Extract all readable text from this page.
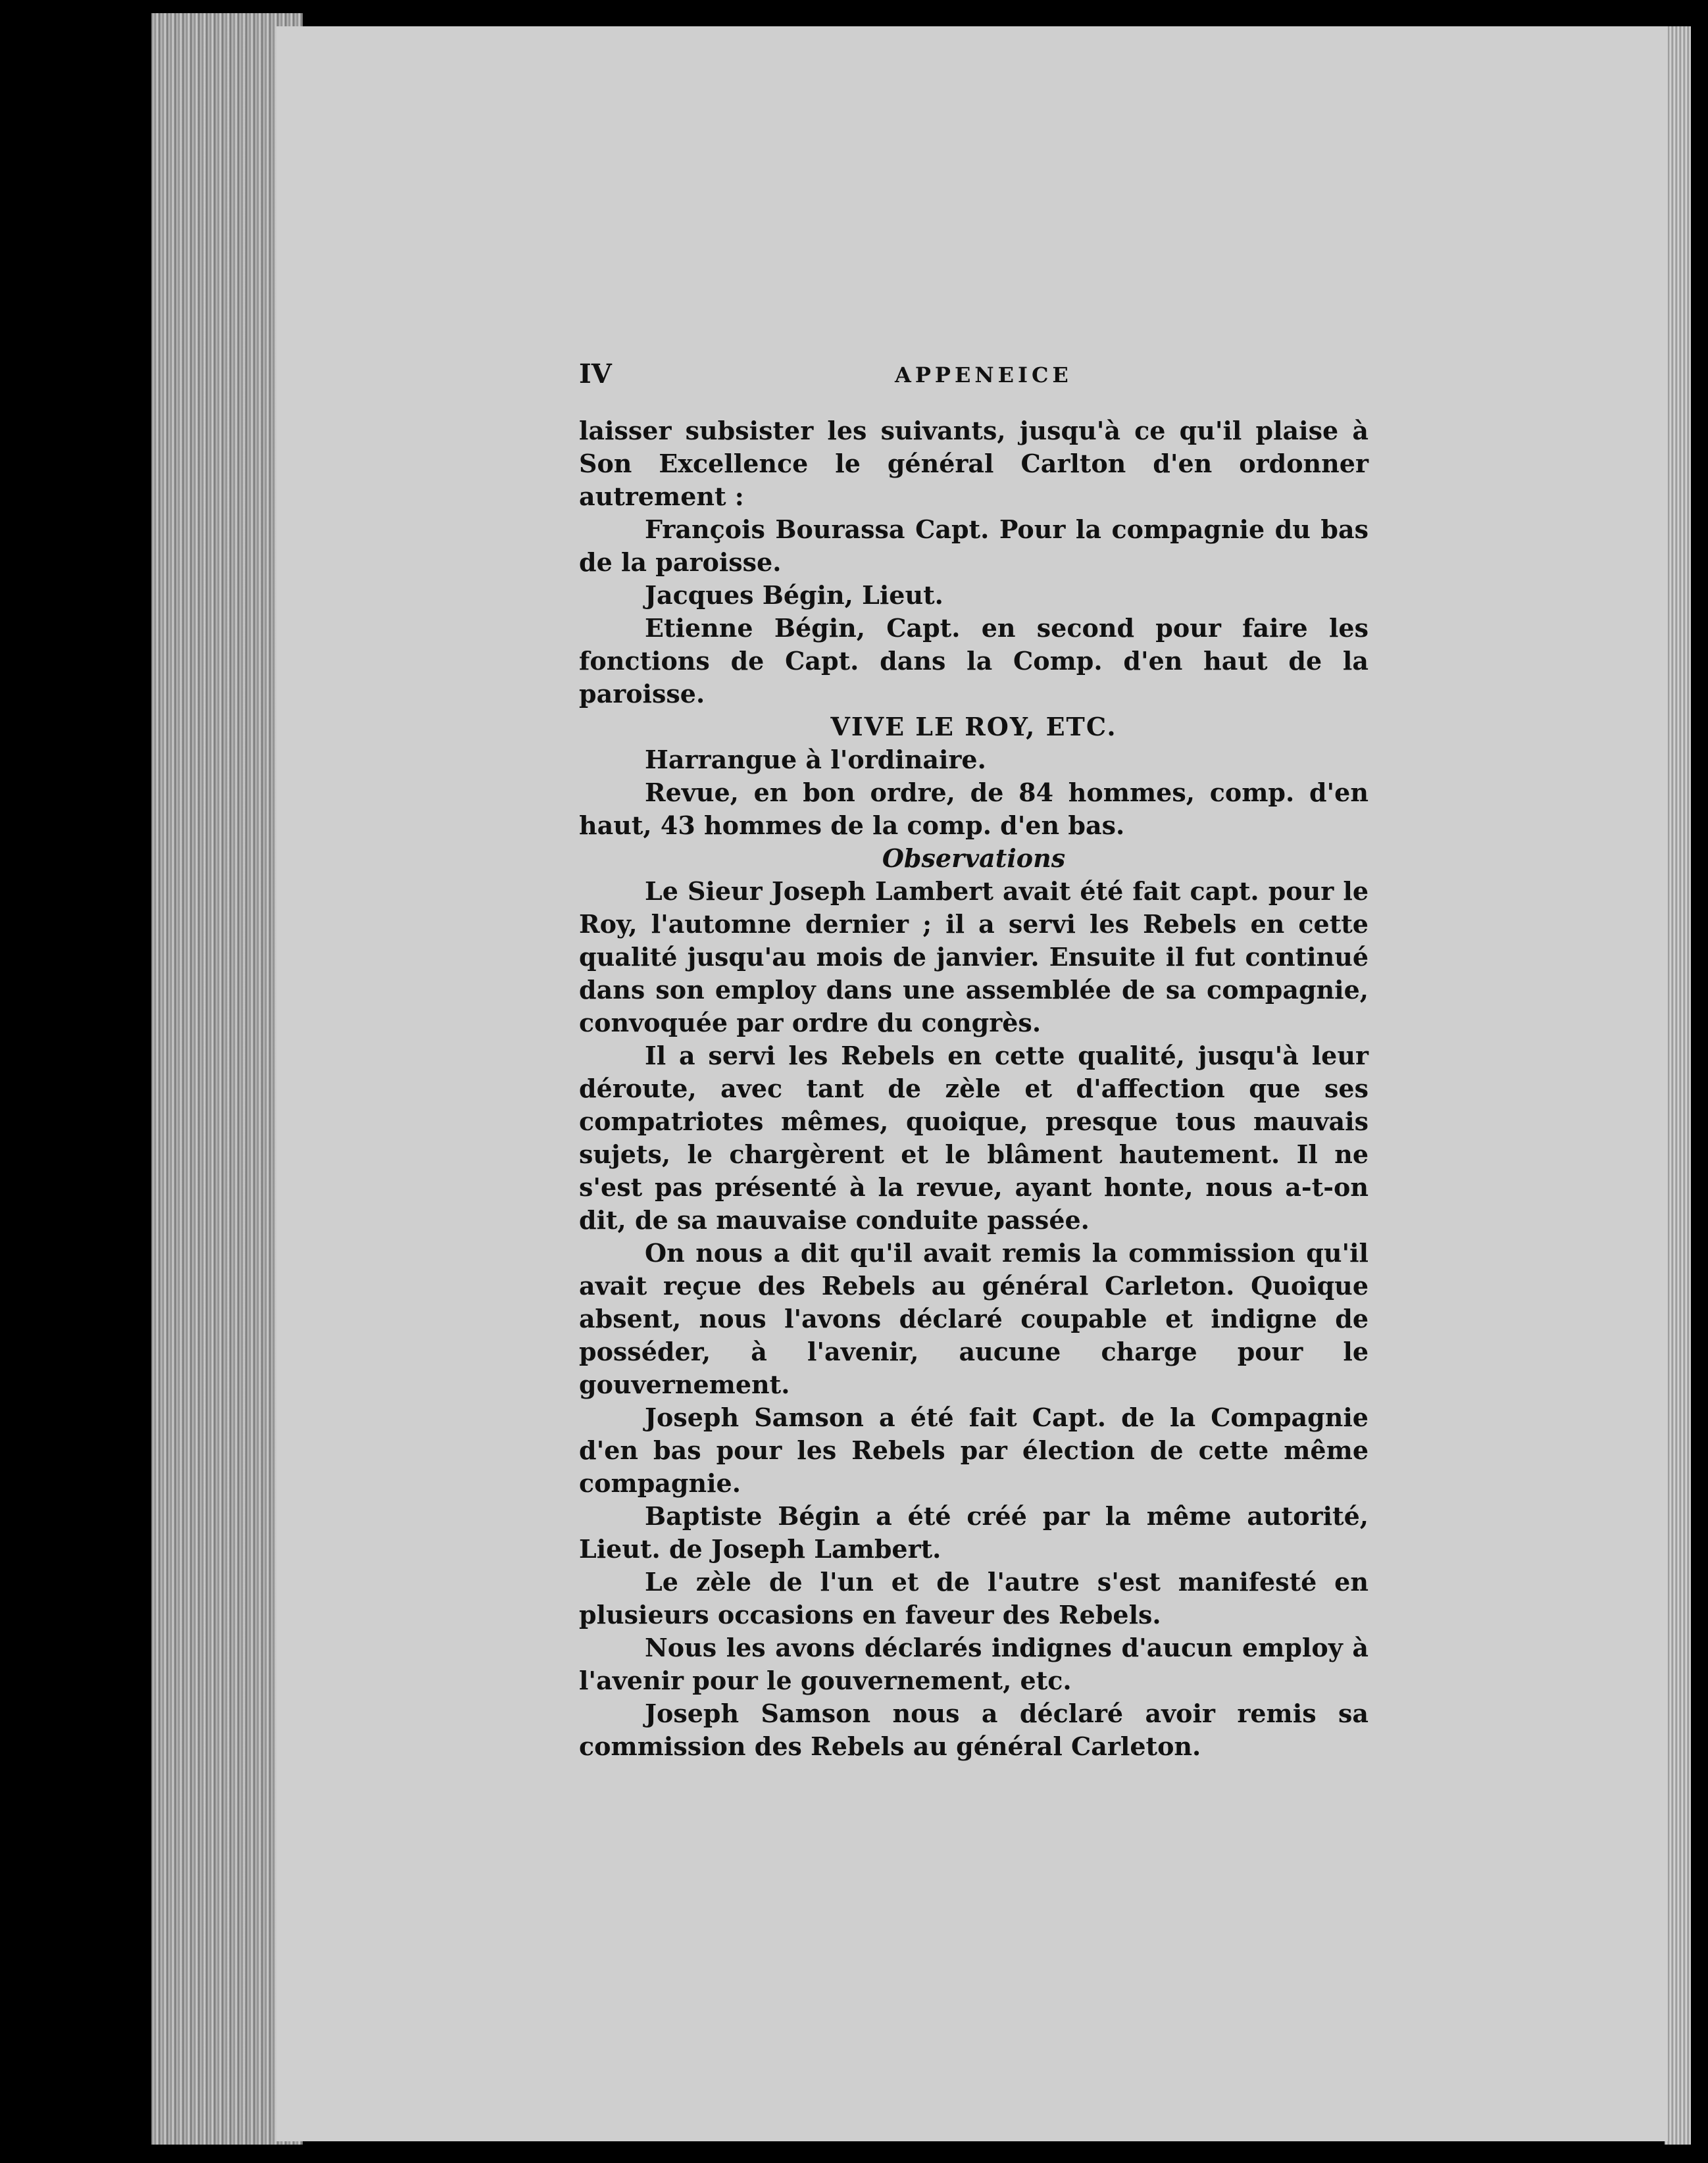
IV	APPENEICE

laisser subsister les suivants, jusqu'à ce qu'il plaise à Son Excellence le général Carlton d'en ordonner autrement :

François Bourassa Capt. Pour la compagnie du bas de la paroisse.

Jacques Bégin, Lieut.

Etienne Bégin, Capt. en second pour faire les fonctions de Capt. dans la Comp. d'en haut de la paroisse.

VIVE LE ROY, ETC.

Harrangue à l'ordinaire.

Revue, en bon ordre, de 84 hommes, comp. d'en haut, 43 hommes de la comp. d'en bas.

Observations

Le Sieur Joseph Lambert avait été fait capt. pour le Roy, l'automne dernier ; il a servi les Rebels en cette qualité jusqu'au mois de janvier. Ensuite il fut continué dans son employ dans une assemblée de sa compagnie, convoquée par ordre du congrès.

Il a servi les Rebels en cette qualité, jusqu'à leur déroute, avec tant de zèle et d'affection que ses compatriotes mêmes, quoique, presque tous mauvais sujets, le chargèrent et le blâment hautement. Il ne s'est pas présenté à la revue, ayant honte, nous a-t-on dit, de sa mauvaise conduite passée.

On nous a dit qu'il avait remis la commission qu'il avait reçue des Rebels au général Carleton. Quoique absent, nous l'avons déclaré coupable et indigne de posséder, à l'avenir, aucune charge pour le gouvernement.

Joseph Samson a été fait Capt. de la Compagnie d'en bas pour les Rebels par élection de cette même compagnie.

Baptiste Bégin a été créé par la même autorité, Lieut. de Joseph Lambert.

Le zèle de l'un et de l'autre s'est manifesté en plusieurs occasions en faveur des Rebels.

Nous les avons déclarés indignes d'aucun employ à l'avenir pour le gouvernement, etc.

Joseph Samson nous a déclaré avoir remis sa commission des Rebels au général Carleton.
